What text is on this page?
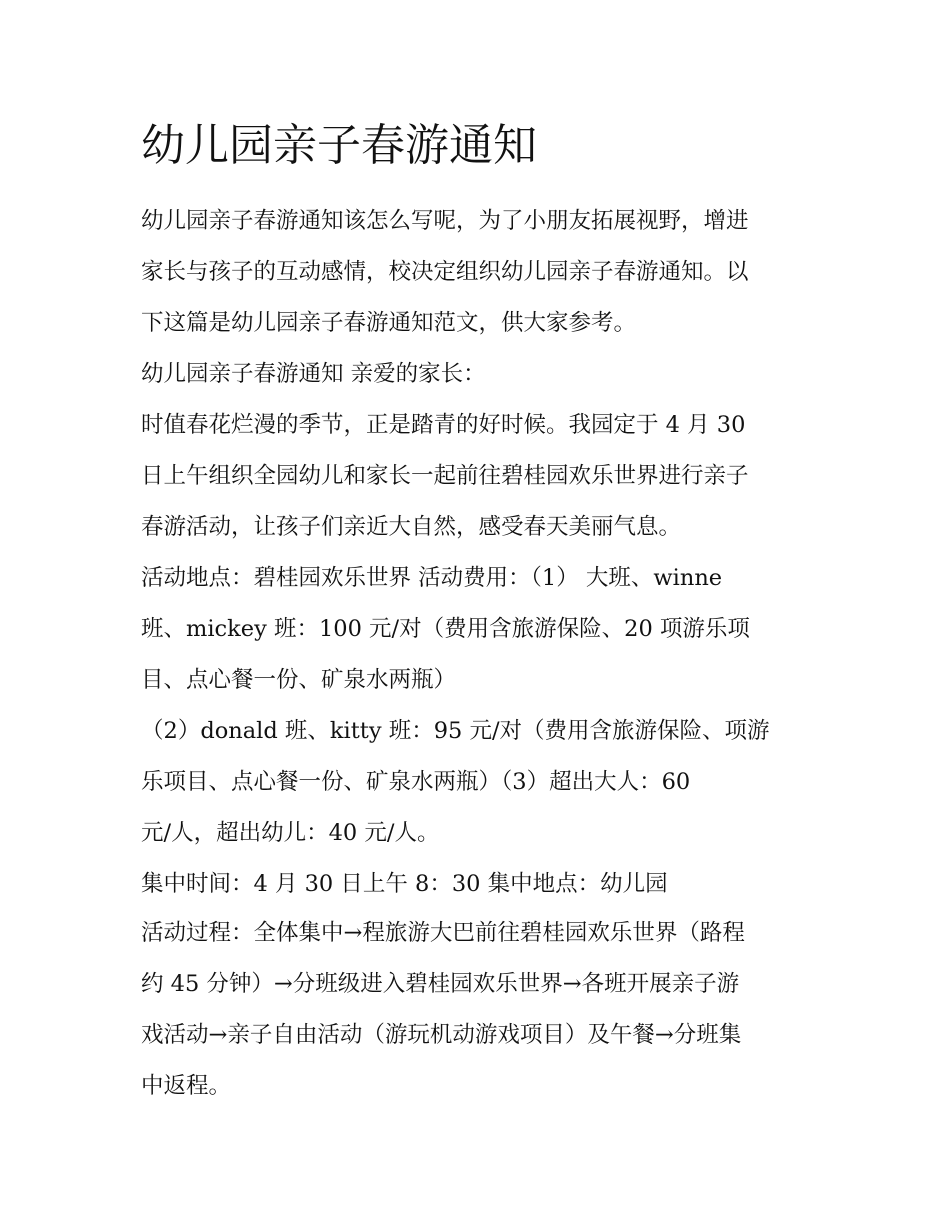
幼儿园亲子春游通知

幼儿园亲子春游通知该怎么写呢，为了小朋友拓展视野，增进

家长与孩子的互动感情，校决定组织幼儿园亲子春游通知。以

下这篇是幼儿园亲子春游通知范文，供大家参考。

幼儿园亲子春游通知 亲爱的家长：

时值春花烂漫的季节，正是踏青的好时候。我园定于 4 月 30

日上午组织全园幼儿和家长一起前往碧桂园欢乐世界进行亲子

春游活动，让孩子们亲近大自然，感受春天美丽气息。

活动地点：碧桂园欢乐世界 活动费用：（1） 大班、winne

班、mickey 班：100 元/对（费用含旅游保险、20 项游乐项

目、点心餐一份、矿泉水两瓶）

（2）donald 班、kitty 班：95 元/对（费用含旅游保险、项游

乐项目、点心餐一份、矿泉水两瓶）（3）超出大人：60

元/人，超出幼儿：40 元/人。

集中时间：4 月 30 日上午 8：30 集中地点：幼儿园

活动过程：全体集中→程旅游大巴前往碧桂园欢乐世界（路程

约 45 分钟）→分班级进入碧桂园欢乐世界→各班开展亲子游

戏活动→亲子自由活动（游玩机动游戏项目）及午餐→分班集

中返程。
